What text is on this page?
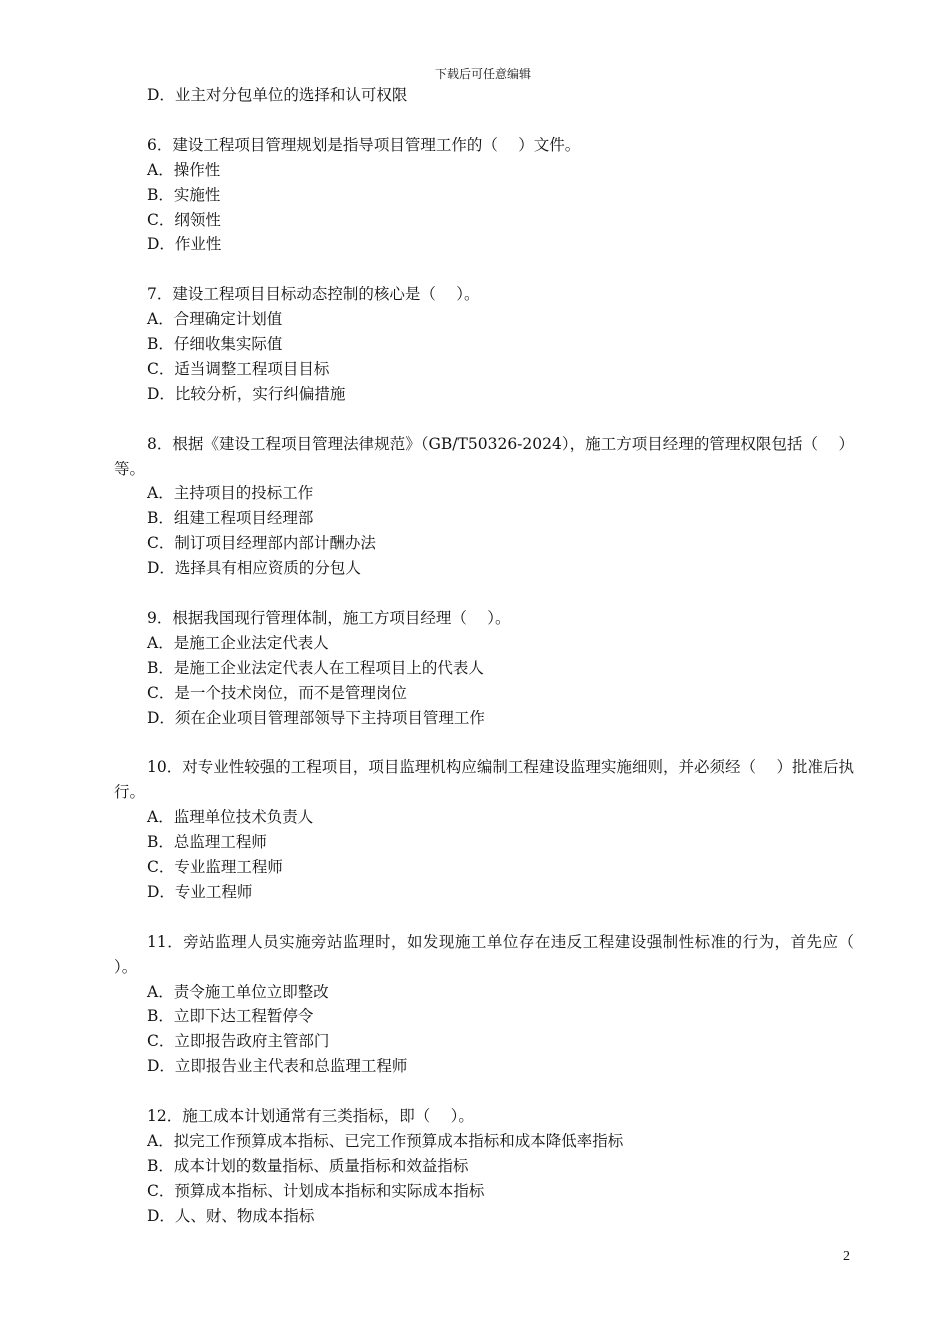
下载后可任意编辑

D．业主对分包单位的选择和认可权限

6．建设工程项目管理规划是指导项目管理工作的（　 ）文件。

A．操作性

B．实施性

C．纲领性

D．作业性

7．建设工程项目目标动态控制的核心是（　 ）。

A．合理确定计划值

B．仔细收集实际值

C．适当调整工程项目目标

D．比较分析，实行纠偏措施

8．根据《建设工程项目管理法律规范》（GB/T50326-2024），施工方项目经理的管理权限包括（　 ）等。

A．主持项目的投标工作

B．组建工程项目经理部

C．制订项目经理部内部计酬办法

D．选择具有相应资质的分包人

9．根据我国现行管理体制，施工方项目经理（　 ）。

A．是施工企业法定代表人

B．是施工企业法定代表人在工程项目上的代表人

C．是一个技术岗位，而不是管理岗位

D．须在企业项目管理部领导下主持项目管理工作

10．对专业性较强的工程项目，项目监理机构应编制工程建设监理实施细则，并必须经（　 ）批准后执行。

A．监理单位技术负责人

B．总监理工程师

C．专业监理工程师

D．专业工程师

11．旁站监理人员实施旁站监理时，如发现施工单位存在违反工程建设强制性标准的行为，首先应（　 ）。

A．责令施工单位立即整改

B．立即下达工程暂停令

C．立即报告政府主管部门

D．立即报告业主代表和总监理工程师

12．施工成本计划通常有三类指标，即（　 ）。

A．拟完工作预算成本指标、已完工作预算成本指标和成本降低率指标

B．成本计划的数量指标、质量指标和效益指标

C．预算成本指标、计划成本指标和实际成本指标

D．人、财、物成本指标

2
